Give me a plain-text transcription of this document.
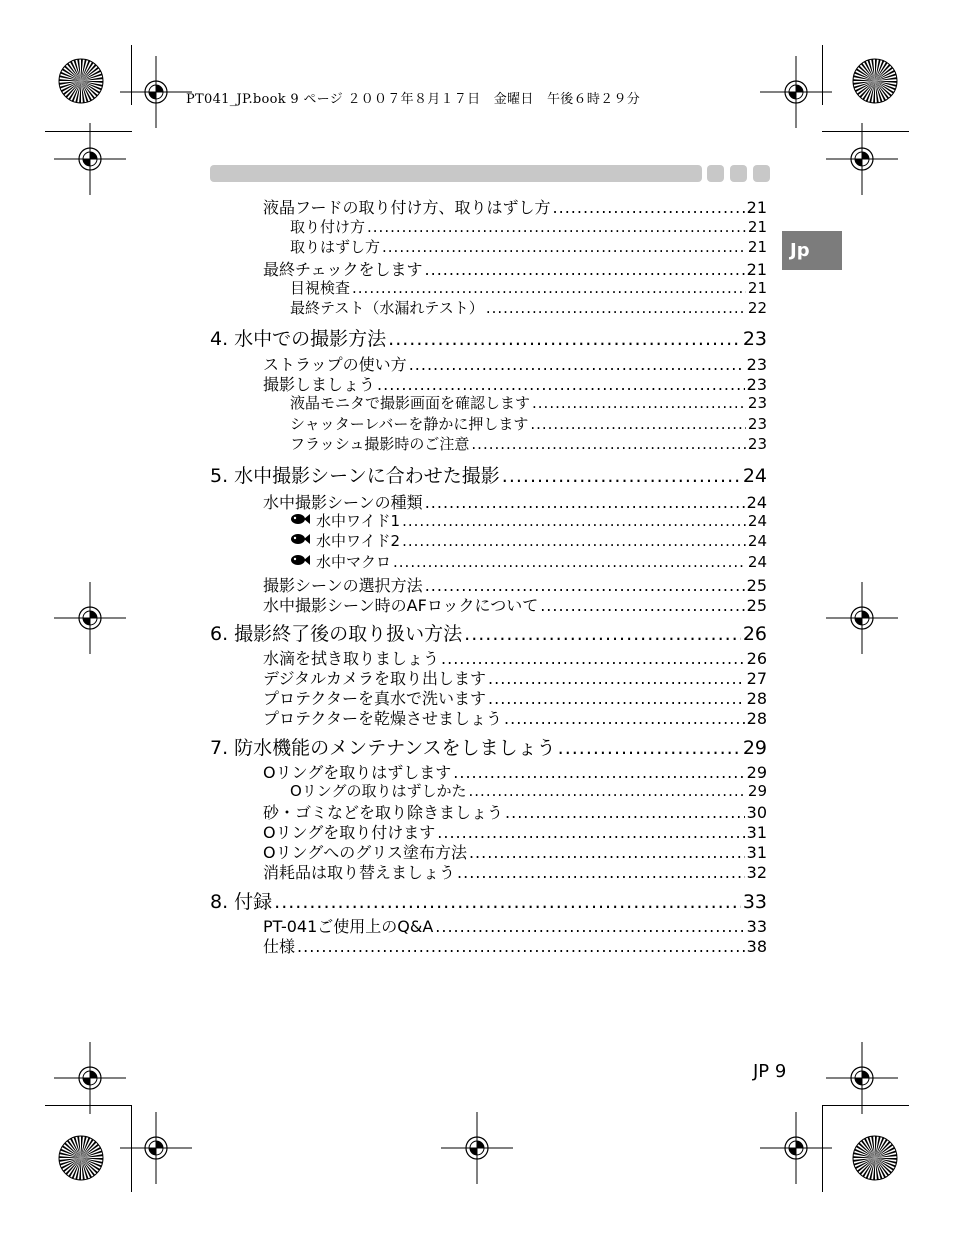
PT041_JP.book 9 ページ ２００７年８月１７日　金曜日　午後６時２９分
Jp
液晶フードの取り付け方、取りはずし方 .....	21
取り付け方 .....	21
取りはずし方 .....	21
最終チェックをします .....	21
目視検査 .....	21
最終テスト（水漏れテスト） .....	22
4. 水中での撮影方法 .....	23
ストラップの使い方 .....	23
撮影しましょう .....	23
液晶モニタで撮影画面を確認します .....	23
シャッターレバーを静かに押します .....	23
フラッシュ撮影時のご注意 .....	23
5. 水中撮影シーンに合わせた撮影 .....	24
水中撮影シーンの種類 .....	24
水中ワイド1 .....	24
水中ワイド2 .....	24
水中マクロ .....	24
撮影シーンの選択方法 .....	25
水中撮影シーン時のAFロックについて .....	25
6. 撮影終了後の取り扱い方法 .....	26
水滴を拭き取りましょう .....	26
デジタルカメラを取り出します .....	27
プロテクターを真水で洗います .....	28
プロテクターを乾燥させましょう .....	28
7. 防水機能のメンテナンスをしましょう .....	29
Oリングを取りはずします .....	29
Oリングの取りはずしかた .....	29
砂・ゴミなどを取り除きましょう .....	30
Oリングを取り付けます .....	31
Oリングへのグリス塗布方法 .....	31
消耗品は取り替えましょう .....	32
8. 付録 .....	33
PT-041ご使用上のQ&A .....	33
仕様 .....	38
JP 9
